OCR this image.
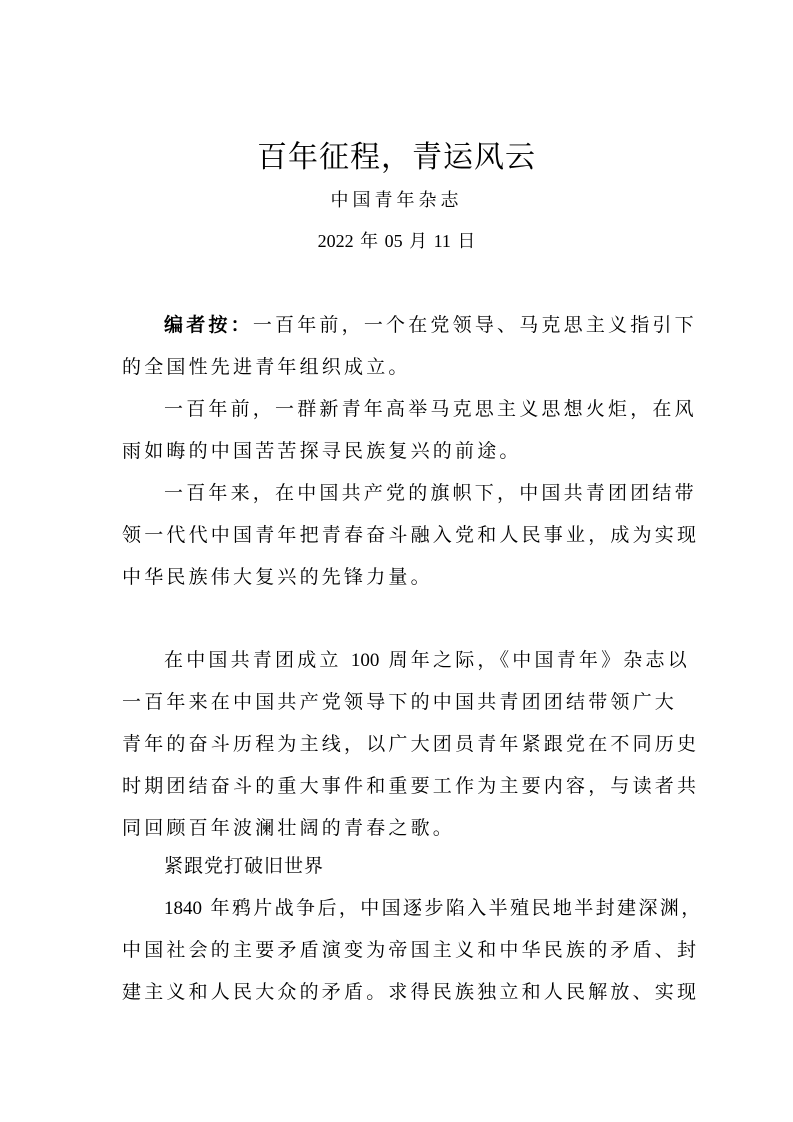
百年征程，青运风云
中国青年杂志
2022 年 05 月 11 日
编者按：一百年前，一个在党领导、马克思主义指引下
的全国性先进青年组织成立。
一百年前，一群新青年高举马克思主义思想火炬，在风
雨如晦的中国苦苦探寻民族复兴的前途。
一百年来，在中国共产党的旗帜下，中国共青团团结带
领一代代中国青年把青春奋斗融入党和人民事业，成为实现
中华民族伟大复兴的先锋力量。
在中国共青团成立 100 周年之际，《中国青年》杂志以
一百年来在中国共产党领导下的中国共青团团结带领广大
青年的奋斗历程为主线，以广大团员青年紧跟党在不同历史
时期团结奋斗的重大事件和重要工作为主要内容，与读者共
同回顾百年波澜壮阔的青春之歌。
紧跟党打破旧世界
1840 年鸦片战争后，中国逐步陷入半殖民地半封建深渊，
中国社会的主要矛盾演变为帝国主义和中华民族的矛盾、封
建主义和人民大众的矛盾。求得民族独立和人民解放、实现
